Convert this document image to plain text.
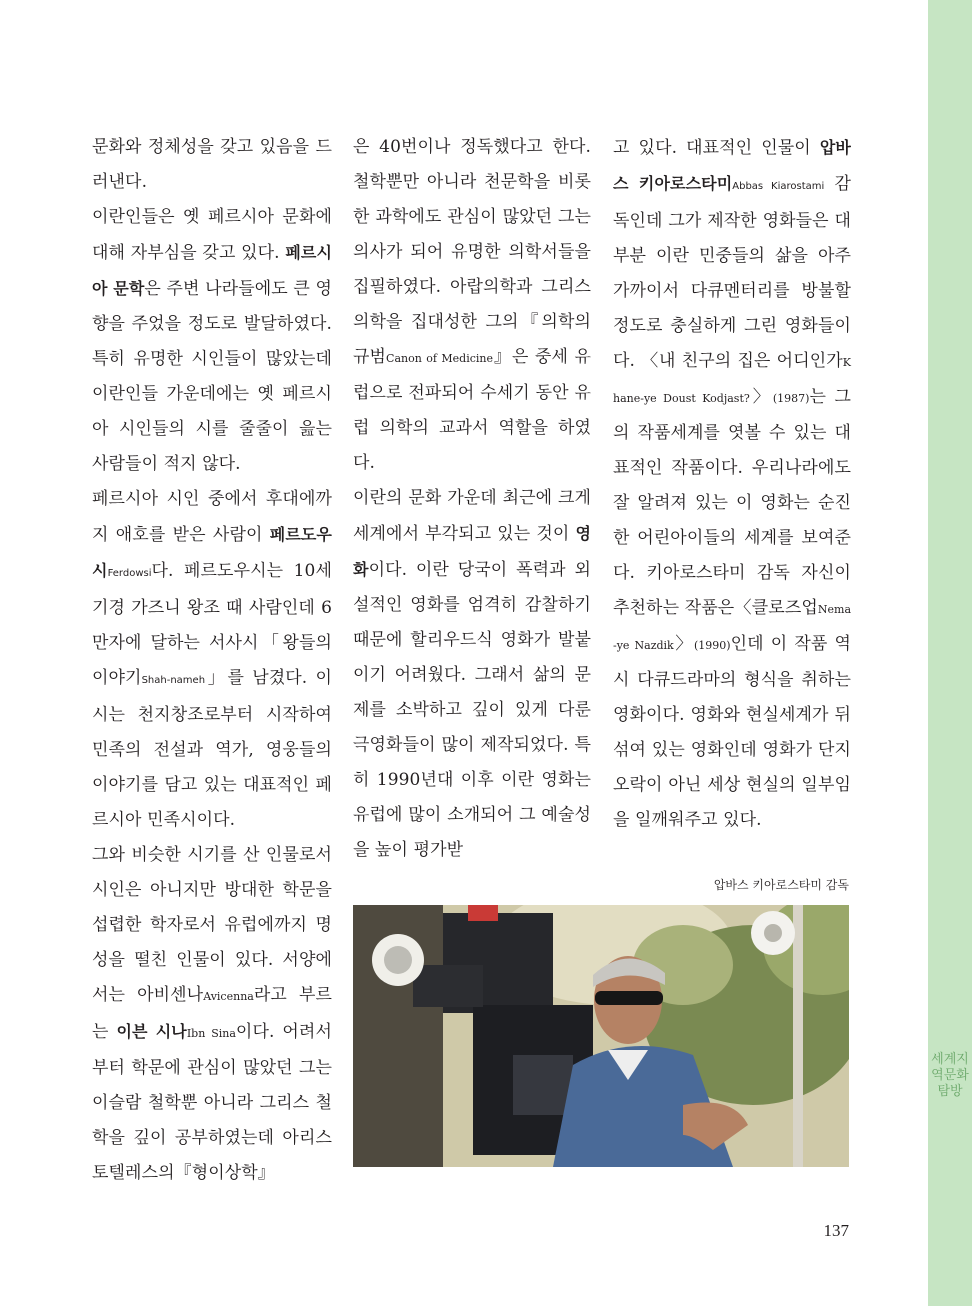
세계지역문화탐방

문화와 정체성을 갖고 있음을 드러낸다.

이란인들은 옛 페르시아 문화에 대해 자부심을 갖고 있다. 페르시아 문학은 주변 나라들에도 큰 영향을 주었을 정도로 발달하였다. 특히 유명한 시인들이 많았는데 이란인들 가운데에는 옛 페르시아 시인들의 시를 줄줄이 읊는 사람들이 적지 않다.

페르시아 시인 중에서 후대에까지 애호를 받은 사람이 페르도우시Ferdowsi다. 페르도우시는 10세기경 가즈니 왕조 때 사람인데 6만자에 달하는 서사시「왕들의 이야기Shah-nameh」를 남겼다. 이 시는 천지창조로부터 시작하여 민족의 전설과 역가, 영웅들의 이야기를 담고 있는 대표적인 페르시아 민족시이다.

그와 비슷한 시기를 산 인물로서 시인은 아니지만 방대한 학문을 섭렵한 학자로서 유럽에까지 명성을 떨친 인물이 있다. 서양에서는 아비센나Avicenna라고 부르는 이븐 시나Ibn Sina이다. 어려서부터 학문에 관심이 많았던 그는 이슬람 철학뿐 아니라 그리스 철학을 깊이 공부하였는데 아리스토텔레스의『형이상학』

은 40번이나 정독했다고 한다. 철학뿐만 아니라 천문학을 비롯한 과학에도 관심이 많았던 그는 의사가 되어 유명한 의학서들을 집필하였다. 아랍의학과 그리스 의학을 집대성한 그의『의학의 규범Canon of Medicine』은 중세 유럽으로 전파되어 수세기 동안 유럽 의학의 교과서 역할을 하였다.

이란의 문화 가운데 최근에 크게 세계에서 부각되고 있는 것이 영화이다. 이란 당국이 폭력과 외설적인 영화를 엄격히 감찰하기 때문에 할리우드식 영화가 발붙이기 어려웠다. 그래서 삶의 문제를 소박하고 깊이 있게 다룬 극영화들이 많이 제작되었다. 특히 1990년대 이후 이란 영화는 유럽에 많이 소개되어 그 예술성을 높이 평가받

고 있다. 대표적인 인물이 압바스 키아로스타미Abbas Kiarostami 감독인데 그가 제작한 영화들은 대부분 이란 민중들의 삶을 아주 가까이서 다큐멘터리를 방불할 정도로 충실하게 그린 영화들이다. 〈내 친구의 집은 어디인가Khane-ye Doust Kodjast?〉(1987)는 그의 작품세계를 엿볼 수 있는 대표적인 작품이다. 우리나라에도 잘 알려져 있는 이 영화는 순진한 어린아이들의 세계를 보여준다. 키아로스타미 감독 자신이 추천하는 작품은〈클로즈업Nema-ye Nazdik〉(1990)인데 이 작품 역시 다큐드라마의 형식을 취하는 영화이다. 영화와 현실세계가 뒤섞여 있는 영화인데 영화가 단지 오락이 아닌 세상 현실의 일부임을 일깨워주고 있다.

압바스 키아로스타미 감독
137
